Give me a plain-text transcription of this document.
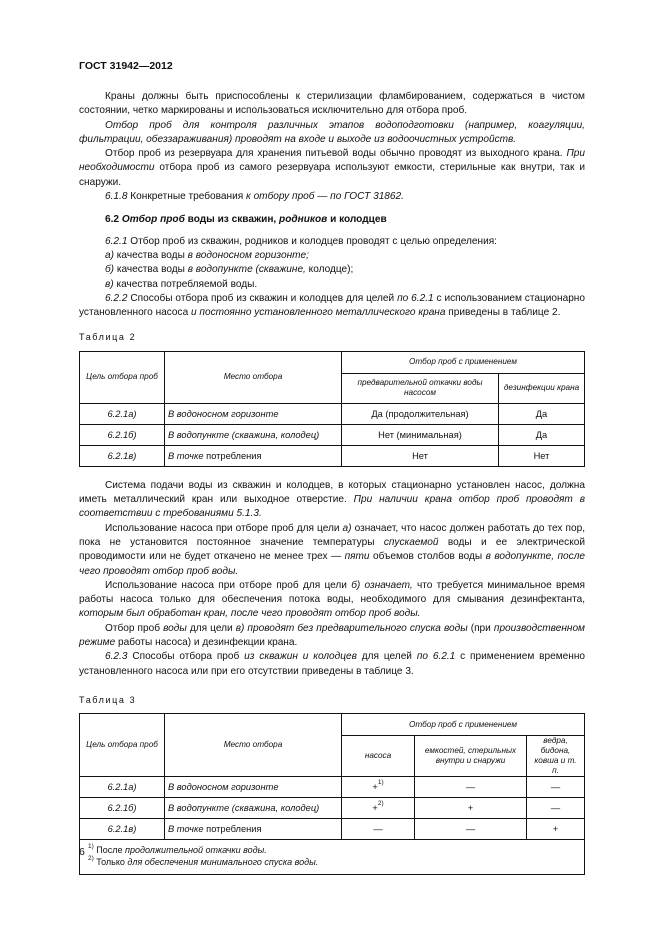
ГОСТ 31942—2012

Краны должны быть приспособлены к стерилизации фламбированием, содержаться в чистом состоянии, четко маркированы и использоваться исключительно для отбора проб.

Отбор проб для контроля различных этапов водоподготовки (например, коагуляции, фильтрации, обеззараживания) проводят на входе и выходе из водоочистных устройств.

Отбор проб из резервуара для хранения питьевой воды обычно проводят из выходного крана. При необходимости отбора проб из самого резервуара используют емкости, стерильные как внутри, так и снаружи.

6.1.8 Конкретные требования к отбору проб — по ГОСТ 31862.

6.2 Отбор проб воды из скважин, родников и колодцев

6.2.1 Отбор проб из скважин, родников и колодцев проводят с целью определения:

а) качества воды в водоносном горизонте;

б) качества воды в водопункте (скважине, колодце);

в) качества потребляемой воды.

6.2.2 Способы отбора проб из скважин и колодцев для целей по 6.2.1 с использованием стационарно установленного насоса и постоянно установленного металлического крана приведены в таблице 2.

Таблица 2

Цель отбора проб	Место отбора	Отбор проб с применением	
		предварительной откачки воды насосом	дезинфекции крана
6.2.1а)	В водоносном горизонте	Да (продолжительная)	Да
6.2.1б)	В водопункте (скважина, колодец)	Нет (минимальная)	Да
6.2.1в)	В точке потребления	Нет	Нет

Система подачи воды из скважин и колодцев, в которых стационарно установлен насос, должна иметь металлический кран или выходное отверстие. При наличии крана отбор проб проводят в соответствии с требованиями 5.1.3.

Использование насоса при отборе проб для цели а) означает, что насос должен работать до тех пор, пока не установится постоянное значение температуры спускаемой воды и ее электрической проводимости или не будет откачено не менее трех — пяти объемов столбов воды в водопункте, после чего проводят отбор проб воды.

Использование насоса при отборе проб для цели б) означает, что требуется минимальное время работы насоса только для обеспечения потока воды, необходимого для смывания дезинфектанта, которым был обработан кран, после чего проводят отбор проб воды.

Отбор проб воды для цели в) проводят без предварительного спуска воды (при производственном режиме работы насоса) и дезинфекции крана.

6.2.3 Способы отбора проб из скважин и колодцев для целей по 6.2.1 с применением временно установленного насоса или при его отсутствии приведены в таблице 3.

Таблица 3

Цель отбора проб	Место отбора	Отбор проб с применением		
		насоса	емкостей, стерильных внутри и снаружи	ведра, бидона, ковша и т. п.
6.2.1а)	В водоносном горизонте	+$^{1)}$	—	—
6.2.1б)	В водопункте (скважина, колодец)	+$^{2)}$	+	—
6.2.1в)	В точке потребления	—	—	+

$^{1)}$ После продолжительной откачки воды.
$^{2)}$ Только для обеспечения минимального спуска воды.				
6
